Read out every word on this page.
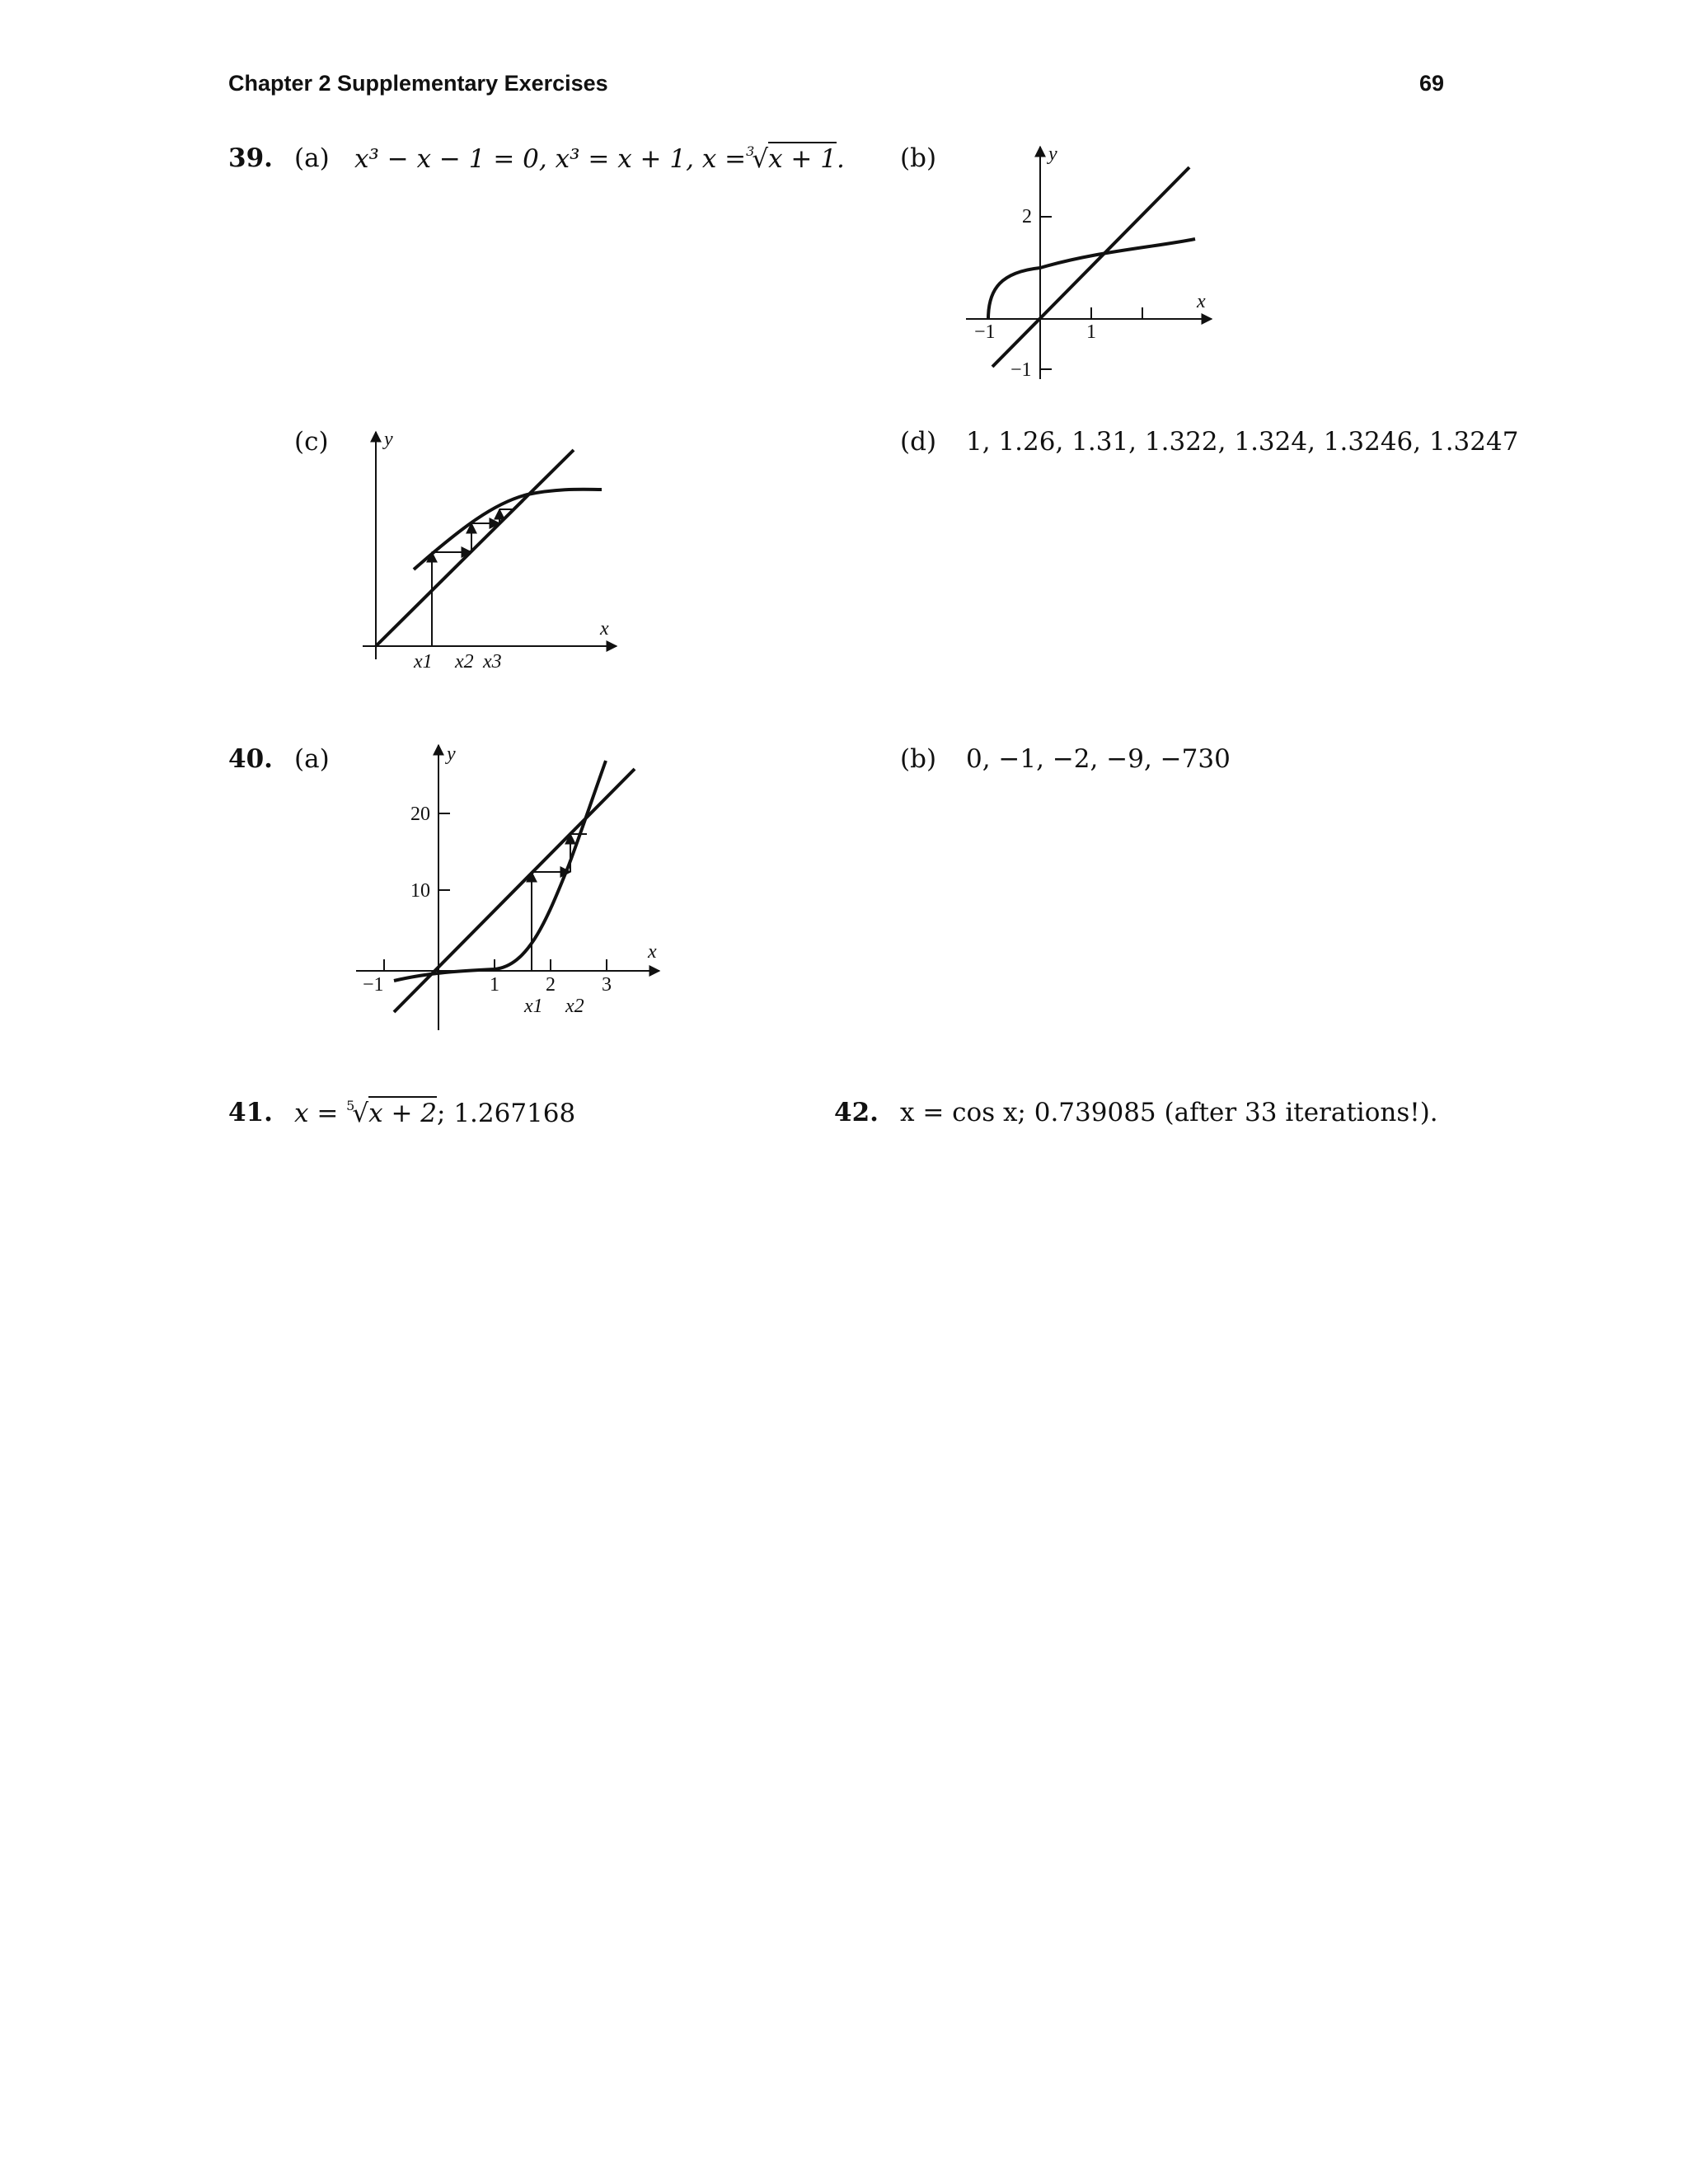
Chapter 2 Supplementary Exercises	69
39. (a) x³ − x − 1 = 0, x³ = x + 1, x =$^3$√x + 1. (b)
2
−1
−1	1
x
y
(c)
x1 x2 x3
x
y	(d) 1, 1.26, 1.31, 1.322, 1.324, 1.3246, 1.3247
40. (a)
20
10
−1	1 2 3
x1 x2
x
y	(b) 0, −1, −2, −9, −730
41. x = $^5$√x + 2; 1.267168	42. x = cos x; 0.739085 (after 33 iterations!).
